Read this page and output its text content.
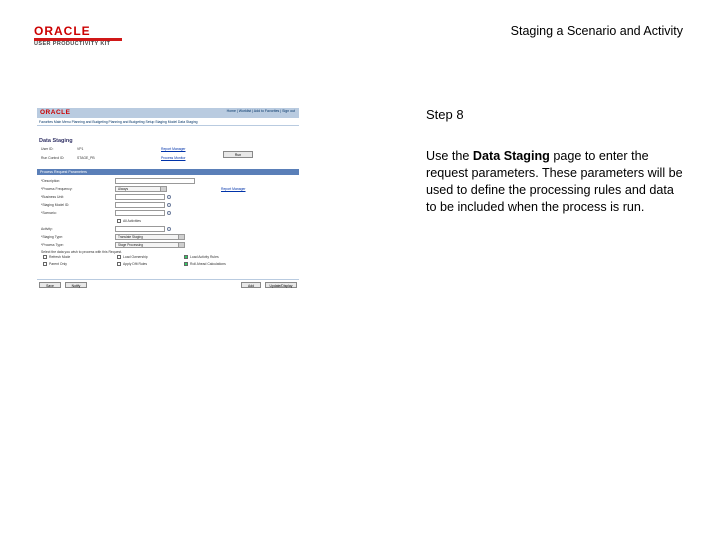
ORACLE
USER PRODUCTIVITY KIT
Staging a Scenario and Activity
ORACLE	Home | Worklist | Add to Favorites | Sign out
Favorites Main Menu Planning and Budgeting Planning and Budgeting Setup Staging Model Data Staging
Data Staging
User ID:	VP1
Run Control ID:	STAGE_PB
Report Manager
Process Monitor
Run
Process Request Parameters
*Description:
*Process Frequency:	Always	Report Manager
*Business Unit:
*Staging Model ID:
*Scenario:
All Activities
Activity:
*Staging Type:	Translate Staging
*Process Type:	Stage Processing
Select the data you wish to process with this Request.
Refresh Mode	Load Ownership	Load Activity Rules
Parent Only	Apply Dflt Rules	Roll Ahead Calculations
Save	Notify	Add	Update/Display
Step 8
Use the Data Staging page to enter the request parameters. These parameters will be used to define the processing rules and data to be included when the process is run.
